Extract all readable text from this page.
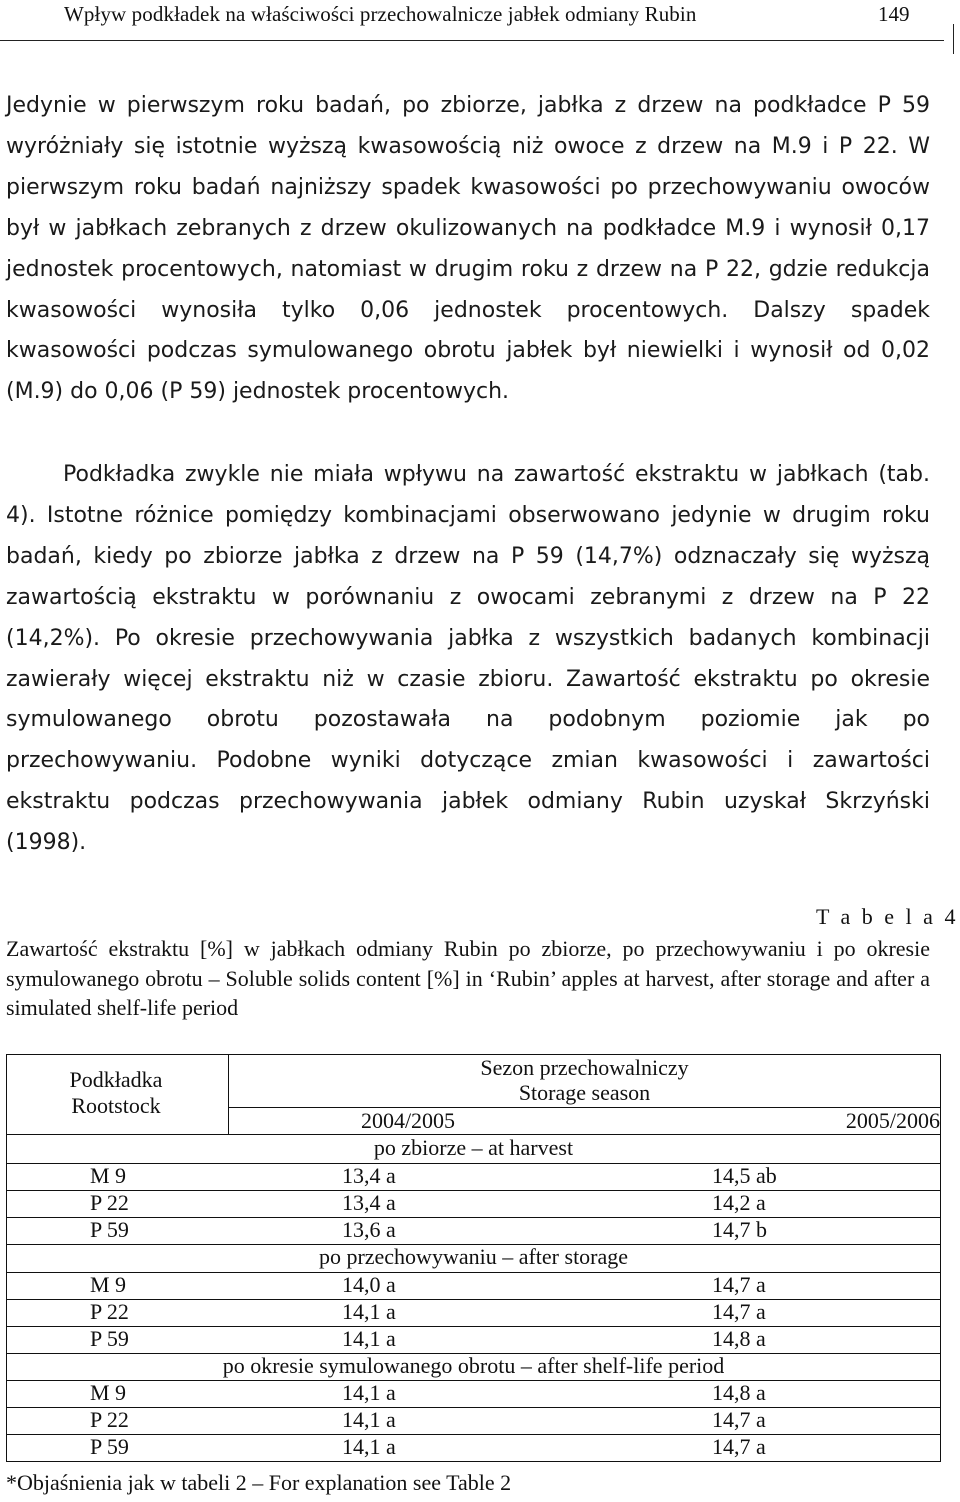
Wpływ podkładek na właściwości przechowalnicze jabłek odmiany Rubin	149

Jedynie w pierwszym roku badań, po zbiorze, jabłka z drzew na podkładce P 59 wyróżniały się istotnie wyższą kwasowością niż owoce z drzew na M.9 i P 22. W pierwszym roku badań najniższy spadek kwasowości po przechowywaniu owoców był w jabłkach zebranych z drzew okulizowanych na podkładce M.9 i wynosił 0,17 jednostek procentowych, natomiast w drugim roku z drzew na P 22, gdzie redukcja kwasowości wynosiła tylko 0,06 jednostek procentowych. Dalszy spadek kwasowości podczas symulowanego obrotu jabłek był niewielki i wynosił od 0,02 (M.9) do 0,06 (P 59) jednostek procentowych.

Podkładka zwykle nie miała wpływu na zawartość ekstraktu w jabłkach (tab. 4). Istotne różnice pomiędzy kombinacjami obserwowano jedynie w drugim roku badań, kiedy po zbiorze jabłka z drzew na P 59 (14,7%) odznaczały się wyższą zawartością ekstraktu w porównaniu z owocami zebranymi z drzew na P 22 (14,2%). Po okresie przechowywania jabłka z wszystkich badanych kombinacji zawierały więcej ekstraktu niż w czasie zbioru. Zawartość ekstraktu po okresie symulowanego obrotu pozostawała na podobnym poziomie jak po przechowywaniu. Podobne wyniki dotyczące zmian kwasowości i zawartości ekstraktu podczas przechowywania jabłek odmiany Rubin uzyskał Skrzyński (1998).

T a b e l a 4

Zawartość ekstraktu [%] w jabłkach odmiany Rubin po zbiorze, po przechowywaniu i po okresie symulowanego obrotu – Soluble solids content [%] in ‘Rubin’ apples at harvest, after storage and after a simulated shelf-life period

Podkładka
Rootstock
Sezon przechowalniczy
Storage season
2004/2005	2005/2006
po zbiorze – at harvest
M 9	13,4 a	14,5 ab
P 22	13,4 a	14,2 a
P 59	13,6 a	14,7 b
po przechowywaniu – after storage
M 9	14,0 a	14,7 a
P 22	14,1 a	14,7 a
P 59	14,1 a	14,8 a
po okresie symulowanego obrotu – after shelf-life period
M 9	14,1 a	14,8 a
P 22	14,1 a	14,7 a
P 59	14,1 a	14,7 a
*Objaśnienia jak w tabeli 2 – For explanation see Table 2
